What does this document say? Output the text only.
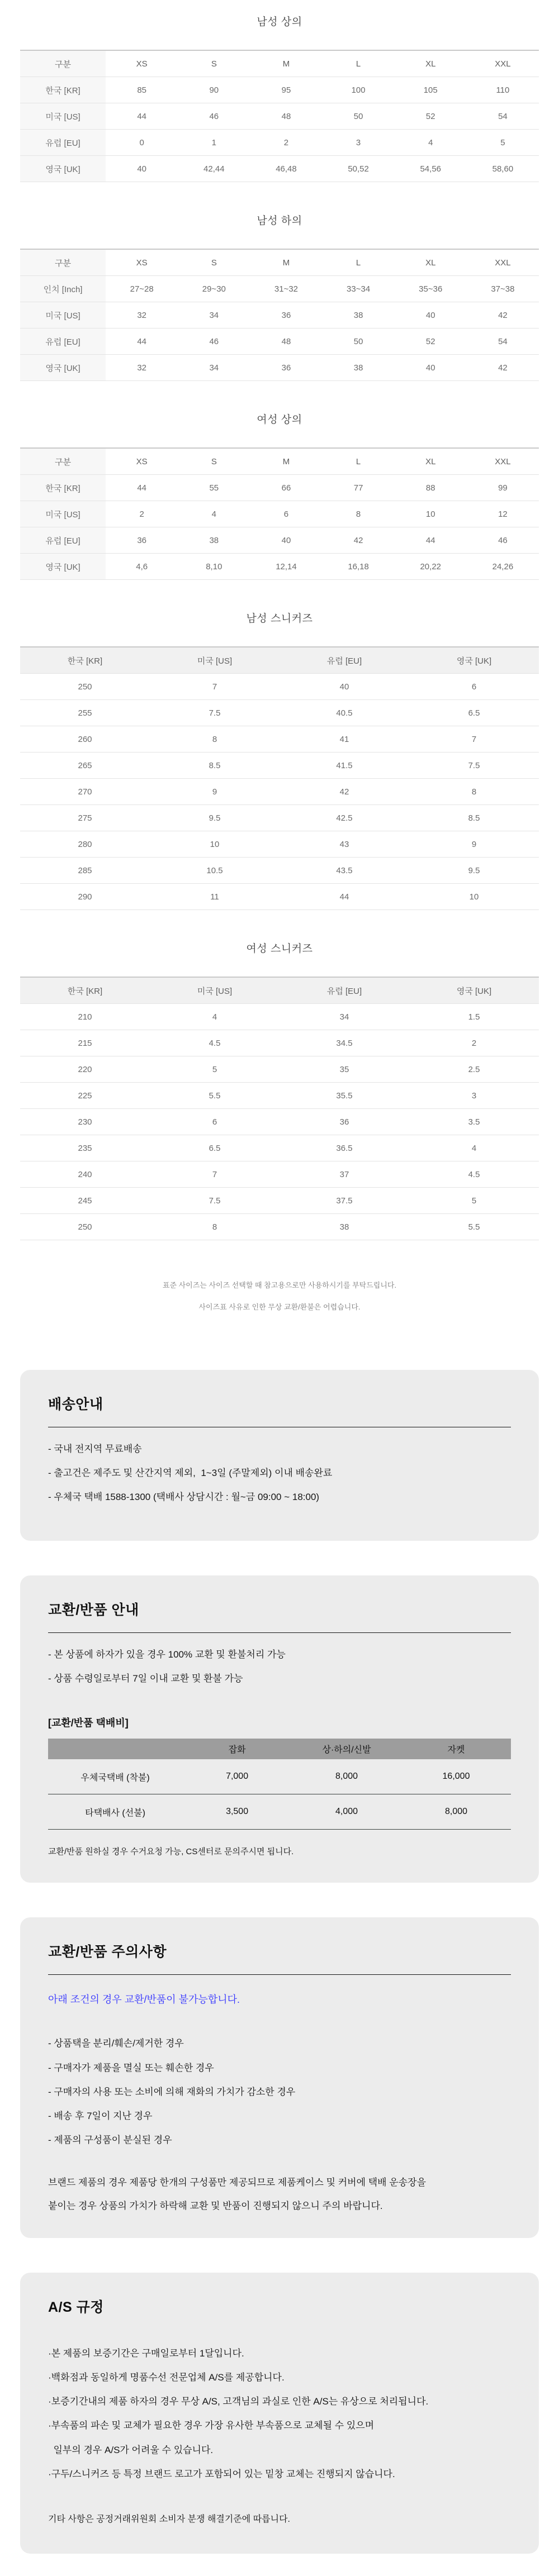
남성 상의
구분	XS	S	M	L	XL	XXL
한국 [KR]	85	90	95	100	105	110
미국 [US]	44	46	48	50	52	54
유럽 [EU]	0	1	2	3	4	5
영국 [UK]	40	42,44	46,48	50,52	54,56	58,60
남성 하의
구분	XS	S	M	L	XL	XXL
인치 [Inch]	27~28	29~30	31~32	33~34	35~36	37~38
미국 [US]	32	34	36	38	40	42
유럽 [EU]	44	46	48	50	52	54
영국 [UK]	32	34	36	38	40	42
여성 상의
구분	XS	S	M	L	XL	XXL
한국 [KR]	44	55	66	77	88	99
미국 [US]	2	4	6	8	10	12
유럽 [EU]	36	38	40	42	44	46
영국 [UK]	4,6	8,10	12,14	16,18	20,22	24,26
남성 스니커즈
한국 [KR]	미국 [US]	유럽 [EU]	영국 [UK]
250	7	40	6
255	7.5	40.5	6.5
260	8	41	7
265	8.5	41.5	7.5
270	9	42	8
275	9.5	42.5	8.5
280	10	43	9
285	10.5	43.5	9.5
290	11	44	10
여성 스니커즈
한국 [KR]	미국 [US]	유럽 [EU]	영국 [UK]
210	4	34	1.5
215	4.5	34.5	2
220	5	35	2.5
225	5.5	35.5	3
230	6	36	3.5
235	6.5	36.5	4
240	7	37	4.5
245	7.5	37.5	5
250	8	38	5.5

표준 사이즈는 사이즈 선택할 때 참고용으로만 사용하시기를 부탁드립니다.

사이즈표 사유로 인한 무상 교환/환불은 어렵습니다.

배송안내

- 국내 전지역 무료배송

- 출고건은 제주도 및 산간지역 제외,  1~3일 (주말제외) 이내 배송완료

- 우체국 택배 1588-1300 (택배사 상담시간 : 월~금 09:00 ~ 18:00)

교환/반품 안내

- 본 상품에 하자가 있을 경우 100% 교환 및 환불처리 가능

- 상품 수령일로부터 7일 이내 교환 및 환불 가능

[교환/반품 택배비]

	잡화	상·하의/신발	자켓
우체국택배 (착불)	7,000	8,000	16,000
타택배사 (선불)	3,500	4,000	8,000

교환/반품 원하실 경우 수거요청 가능, CS센터로 문의주시면 됩니다.

교환/반품 주의사항

아래 조건의 경우 교환/반품이 불가능합니다.

- 상품택을 분리/훼손/제거한 경우

- 구매자가 제품을 멸실 또는 훼손한 경우

- 구매자의 사용 또는 소비에 의해 재화의 가치가 감소한 경우

- 배송 후 7일이 지난 경우

- 제품의 구성품이 분실된 경우

브랜드 제품의 경우 제품당 한개의 구성품만 제공되므로 제품케이스 및 커버에 택배 운송장을

붙이는 경우 상품의 가치가 하락해 교환 및 반품이 진행되지 않으니 주의 바랍니다.

A/S 규정

·본 제품의 보증기간은 구매일로부터 1달입니다.

·백화점과 동일하게 명품수선 전문업체 A/S를 제공합니다.

·보증기간내의 제품 하자의 경우 무상 A/S, 고객님의 과실로 인한 A/S는 유상으로 처리됩니다.

·부속품의 파손 및 교체가 필요한 경우 가장 유사한 부속품으로 교체될 수 있으며

일부의 경우 A/S가 어려울 수 있습니다.

·구두/스니커즈 등 특정 브랜드 로고가 포함되어 있는 밑창 교체는 진행되지 않습니다.

기타 사항은 공정거래위원회 소비자 분쟁 해결기준에 따릅니다.
